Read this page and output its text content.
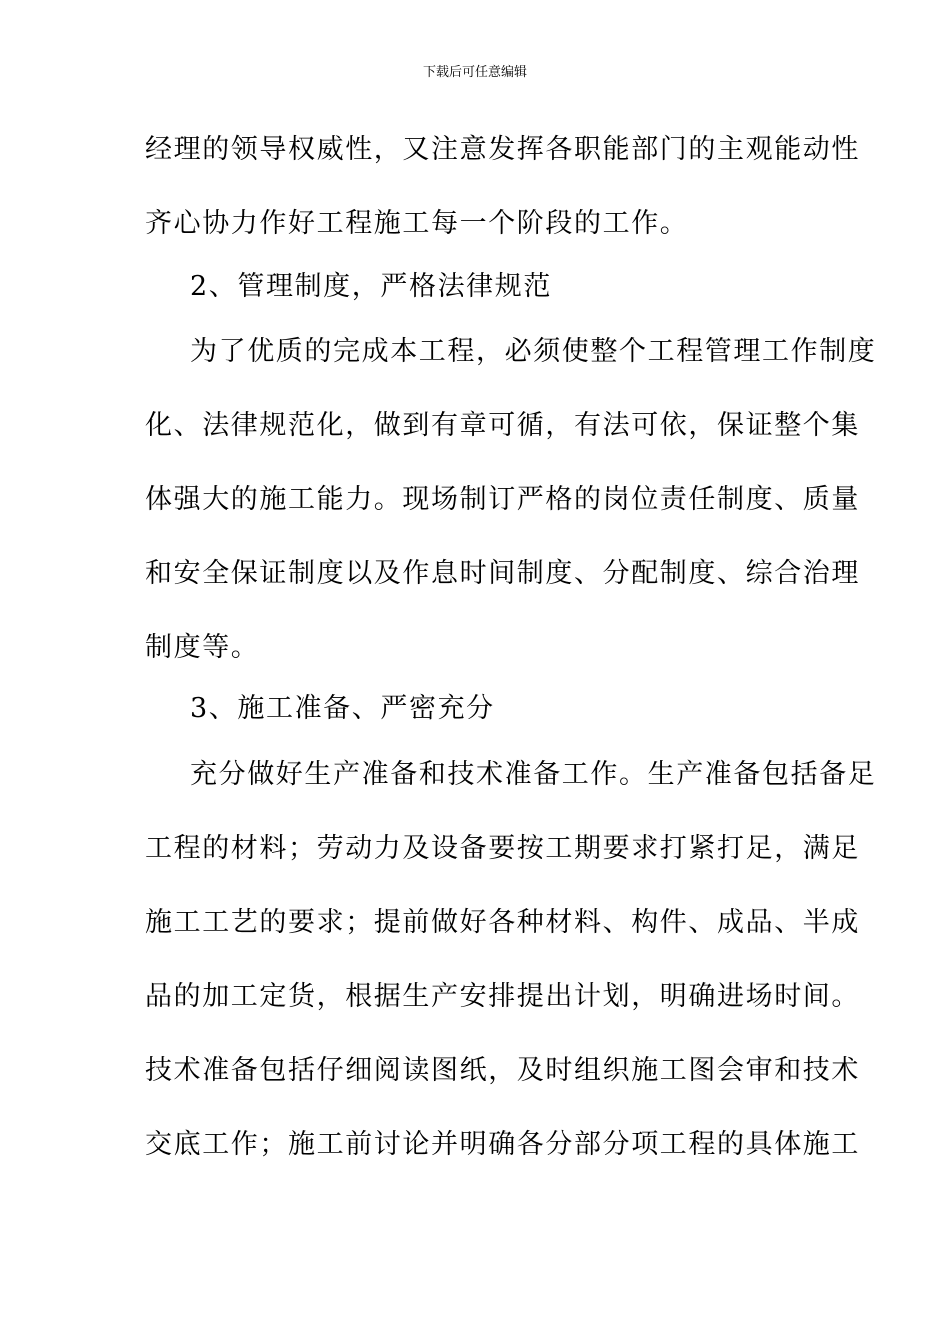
下载后可任意编辑
经理的领导权威性，又注意发挥各职能部门的主观能动性
齐心协力作好工程施工每一个阶段的工作。
2、管理制度，严格法律规范
为了优质的完成本工程，必须使整个工程管理工作制度
化、法律规范化，做到有章可循，有法可依，保证整个集
体强大的施工能力。现场制订严格的岗位责任制度、质量
和安全保证制度以及作息时间制度、分配制度、综合治理
制度等。
3、施工准备、严密充分
充分做好生产准备和技术准备工作。生产准备包括备足
工程的材料；劳动力及设备要按工期要求打紧打足，满足
施工工艺的要求；提前做好各种材料、构件、成品、半成
品的加工定货，根据生产安排提出计划，明确进场时间。
技术准备包括仔细阅读图纸，及时组织施工图会审和技术
交底工作；施工前讨论并明确各分部分项工程的具体施工
